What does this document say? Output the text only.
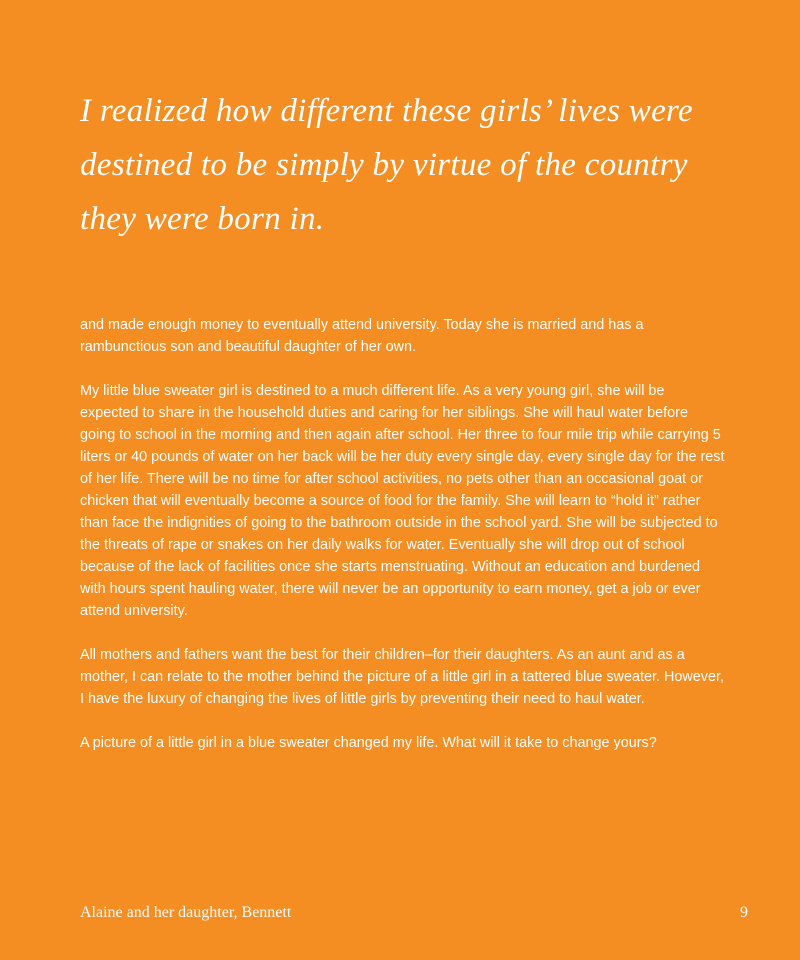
I realized how different these girls’ lives were destined to be simply by virtue of the country they were born in.

and made enough money to eventually attend university. Today she is married and has a rambunctious son and beautiful daughter of her own.

My little blue sweater girl is destined to a much different life. As a very young girl, she will be expected to share in the household duties and caring for her siblings. She will haul water before going to school in the morning and then again after school. Her three to four mile trip while carrying 5 liters or 40 pounds of water on her back will be her duty every single day, every single day for the rest of her life. There will be no time for after school activities, no pets other than an occasional goat or chicken that will eventually become a source of food for the family. She will learn to “hold it” rather than face the indignities of going to the bathroom outside in the school yard. She will be subjected to the threats of rape or snakes on her daily walks for water. Eventually she will drop out of school because of the lack of facilities once she starts menstruating. Without an education and burdened with hours spent hauling water, there will never be an opportunity to earn money, get a job or ever attend university.

All mothers and fathers want the best for their children–for their daughters. As an aunt and as a mother, I can relate to the mother behind the picture of a little girl in a tattered blue sweater. However, I have the luxury of changing the lives of little girls by preventing their need to haul water.

A picture of a little girl in a blue sweater changed my life. What will it take to change yours?

Alaine and her daughter, Bennett	9
